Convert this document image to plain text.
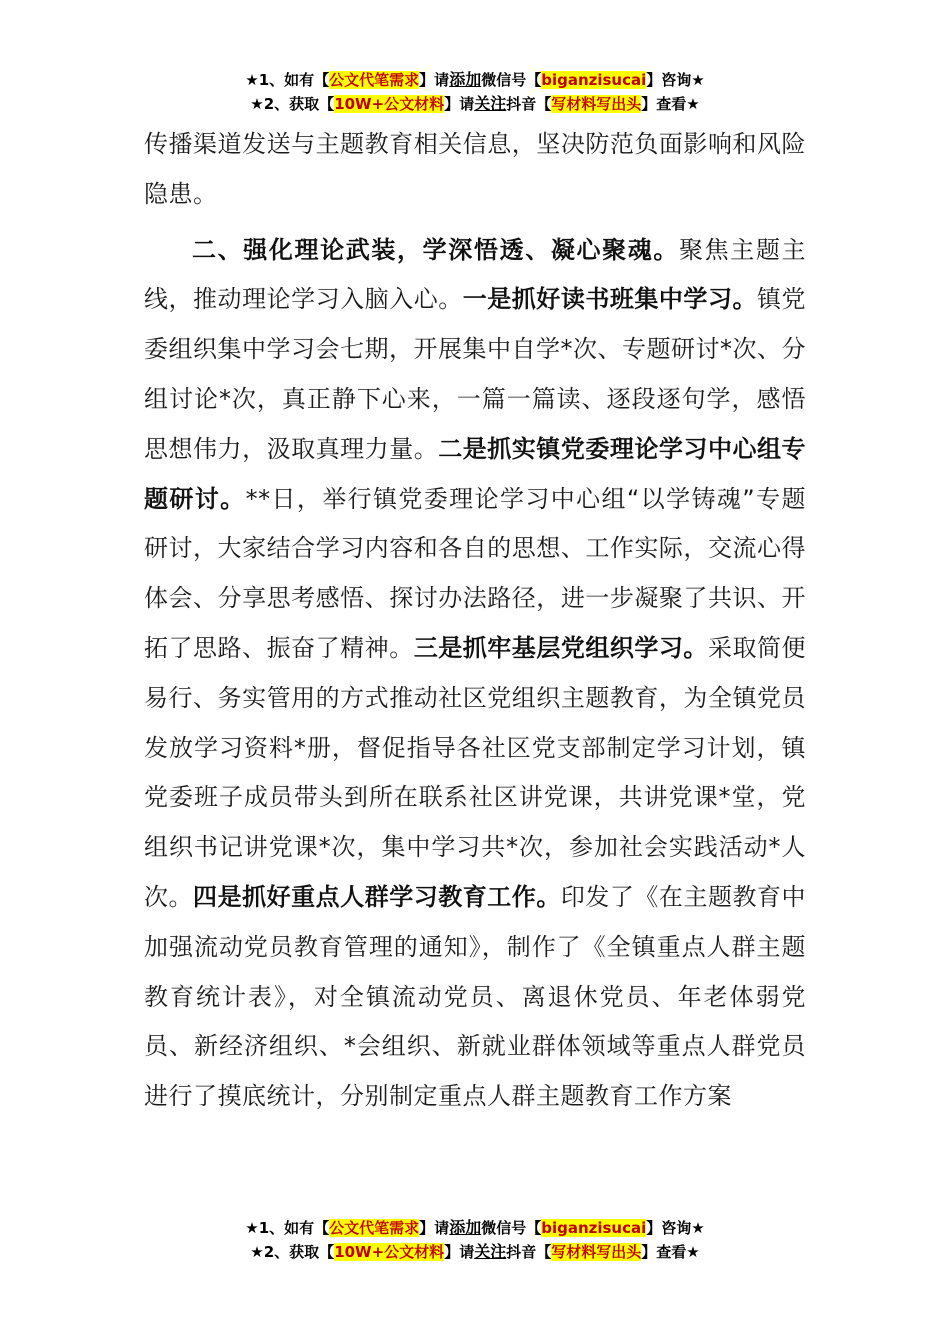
★1、如有【公文代笔需求】请添加微信号【biganzisucai】咨询★
★2、获取【10W+公文材料】请关注抖音【写材料写出头】查看★

传播渠道发送与主题教育相关信息，坚决防范负面影响和风险隐患。

二、强化理论武装，学深悟透、凝心聚魂。聚焦主题主线，推动理论学习入脑入心。一是抓好读书班集中学习。镇党委组织集中学习会七期，开展集中自学*次、专题研讨*次、分组讨论*次，真正静下心来，一篇一篇读、逐段逐句学，感悟思想伟力，汲取真理力量。二是抓实镇党委理论学习中心组专题研讨。**日，举行镇党委理论学习中心组“以学铸魂”专题研讨，大家结合学习内容和各自的思想、工作实际，交流心得体会、分享思考感悟、探讨办法路径，进一步凝聚了共识、开拓了思路、振奋了精神。三是抓牢基层党组织学习。采取简便易行、务实管用的方式推动社区党组织主题教育，为全镇党员发放学习资料*册，督促指导各社区党支部制定学习计划，镇党委班子成员带头到所在联系社区讲党课，共讲党课*堂，党组织书记讲党课*次，集中学习共*次，参加社会实践活动*人次。四是抓好重点人群学习教育工作。印发了《在主题教育中加强流动党员教育管理的通知》，制作了《全镇重点人群主题教育统计表》，对全镇流动党员、离退休党员、年老体弱党员、新经济组织、*会组织、新就业群体领域等重点人群党员进行了摸底统计，分别制定重点人群主题教育工作方案

★1、如有【公文代笔需求】请添加微信号【biganzisucai】咨询★
★2、获取【10W+公文材料】请关注抖音【写材料写出头】查看★
